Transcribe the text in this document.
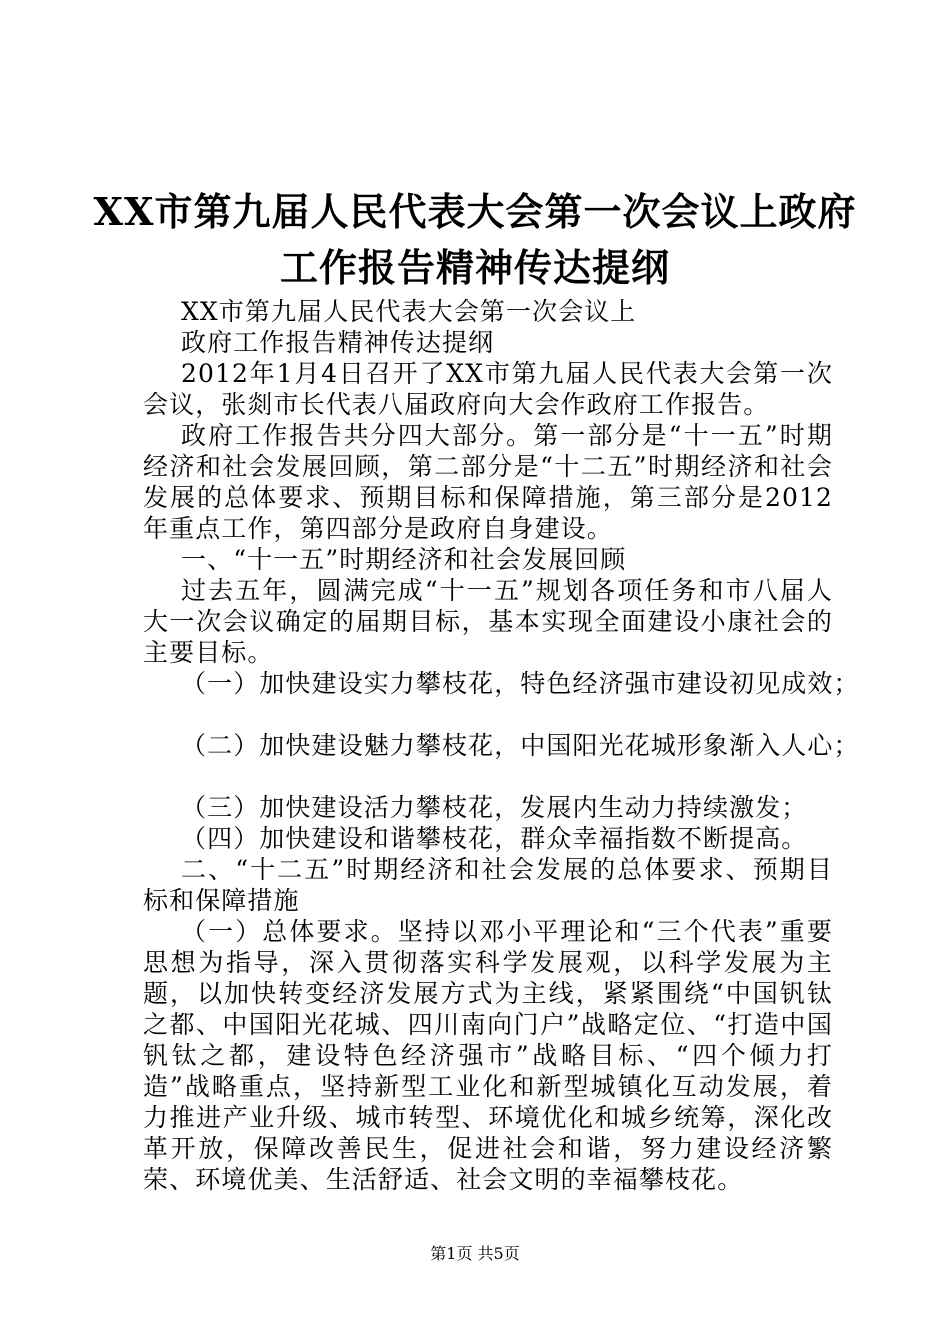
XX市第九届人民代表大会第一次会议上政府
工作报告精神传达提纲

XX市第九届人民代表大会第一次会议上

政府工作报告精神传达提纲

2012年1月4日召开了XX市第九届人民代表大会第一次会议，张剡市长代表八届政府向大会作政府工作报告。

政府工作报告共分四大部分。第一部分是“十一五”时期经济和社会发展回顾，第二部分是“十二五”时期经济和社会发展的总体要求、预期目标和保障措施，第三部分是2012年重点工作，第四部分是政府自身建设。

一、“十一五”时期经济和社会发展回顾

过去五年，圆满完成“十一五”规划各项任务和市八届人大一次会议确定的届期目标，基本实现全面建设小康社会的主要目标。

（一）加快建设实力攀枝花，特色经济强市建设初见成效；

（二）加快建设魅力攀枝花，中国阳光花城形象渐入人心；

（三）加快建设活力攀枝花，发展内生动力持续激发；

（四）加快建设和谐攀枝花，群众幸福指数不断提高。

二、“十二五”时期经济和社会发展的总体要求、预期目标和保障措施

（一）总体要求。坚持以邓小平理论和“三个代表”重要思想为指导，深入贯彻落实科学发展观，以科学发展为主题，以加快转变经济发展方式为主线，紧紧围绕“中国钒钛之都、中国阳光花城、四川南向门户”战略定位、“打造中国钒钛之都，建设特色经济强市”战略目标、“四个倾力打造”战略重点，坚持新型工业化和新型城镇化互动发展，着力推进产业升级、城市转型、环境优化和城乡统筹，深化改革开放，保障改善民生，促进社会和谐，努力建设经济繁荣、环境优美、生活舒适、社会文明的幸福攀枝花。

第1页 共5页
